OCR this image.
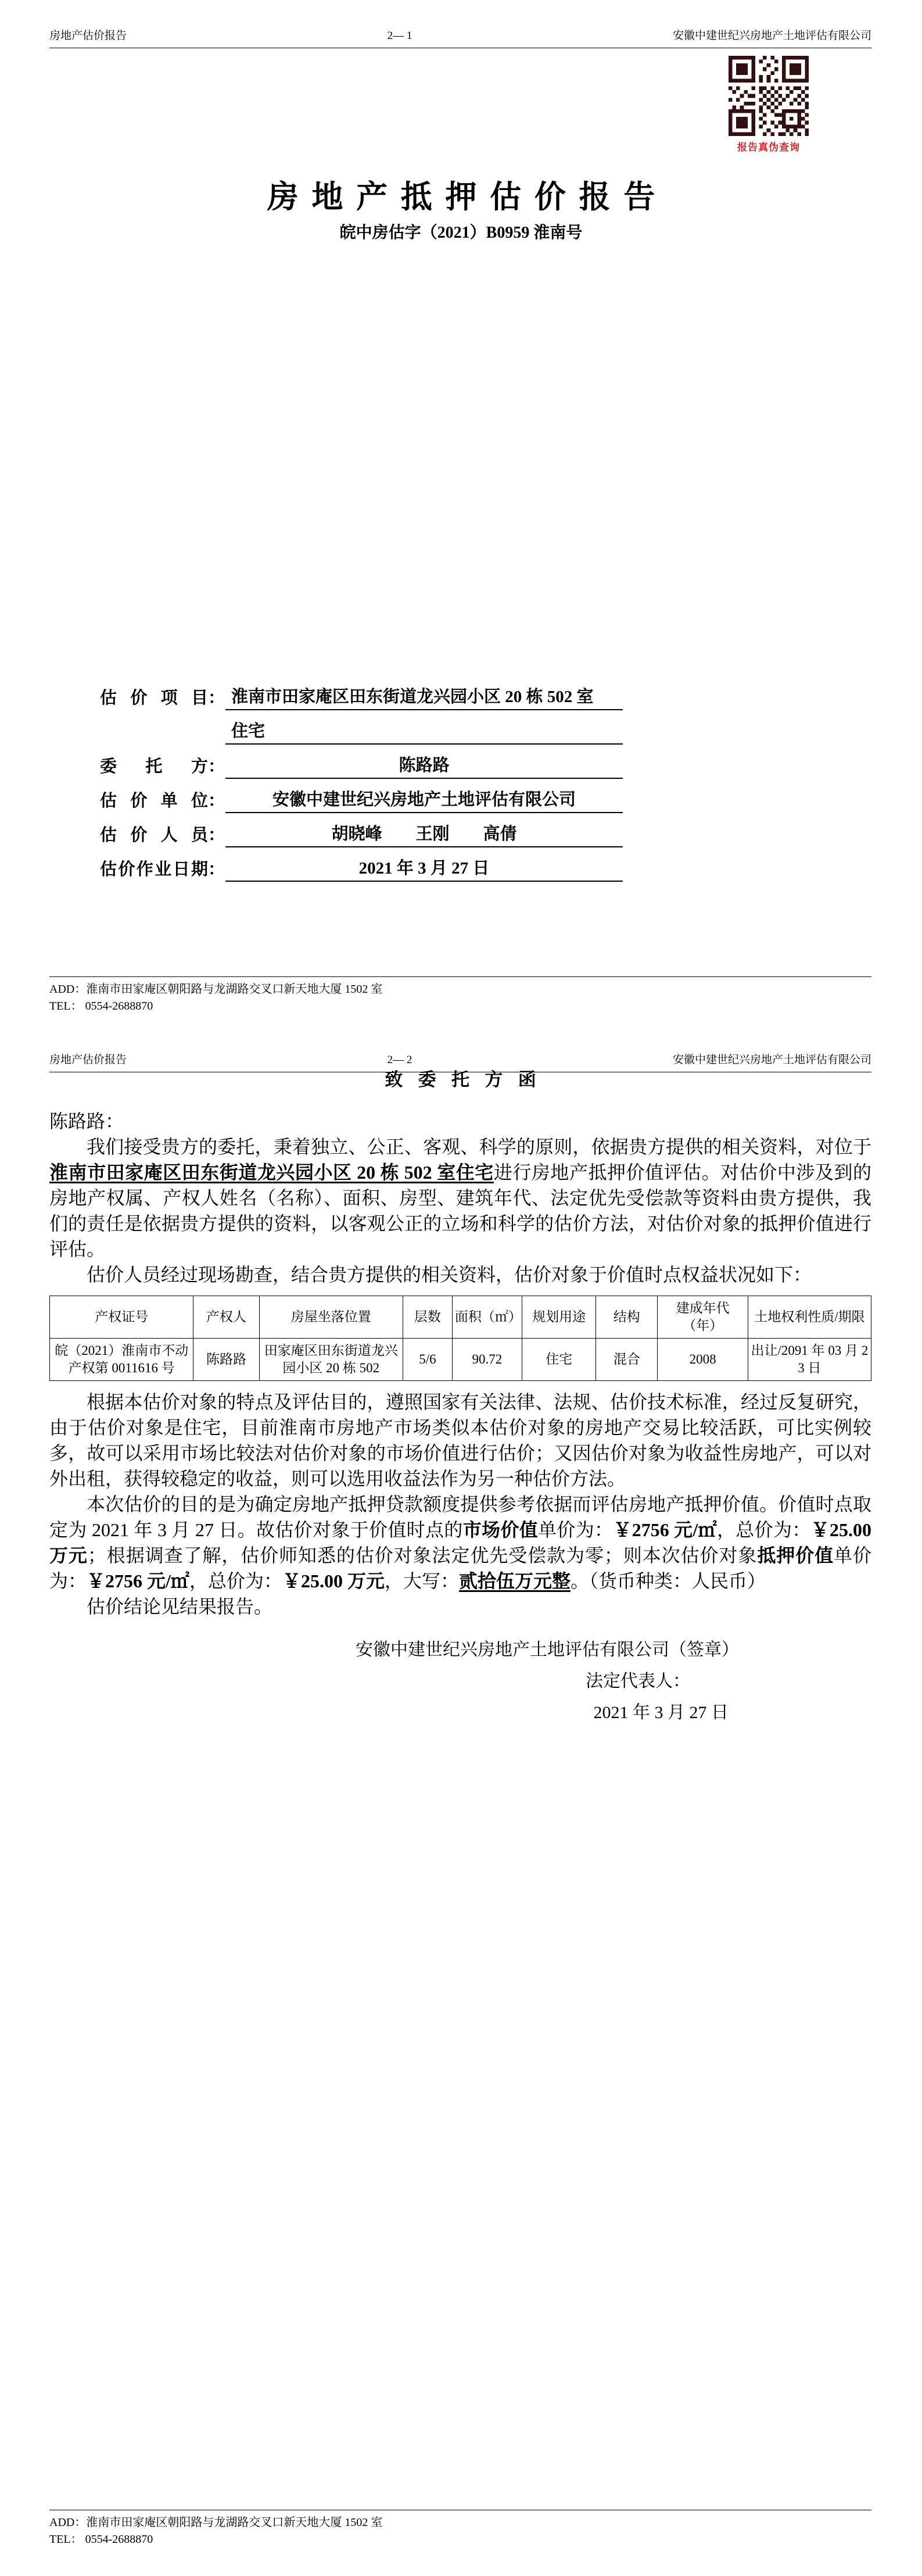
房地产估价报告	2— 1	安徽中建世纪兴房地产土地评估有限公司
报告真伪查询
房地产抵押估价报告
皖中房估字（2021）B0959 淮南号
估价项目 ： 淮南市田家庵区田东街道龙兴园小区 20 栋 502 室
住宅
委托方 ：	陈路路
估价单位 ：	安徽中建世纪兴房地产土地评估有限公司
估价人员 ：	胡晓峰　　王刚　　高倩
估价作业日期 ：	2021 年 3 月 27 日
ADD：淮南市田家庵区朝阳路与龙湖路交叉口新天地大厦 1502 室
TEL： 0554-2688870
房地产估价报告	2— 2	安徽中建世纪兴房地产土地评估有限公司
致委托方函

陈路路：

我们接受贵方的委托，秉着独立、公正、客观、科学的原则，依据贵方提供的相关资料，对位于淮南市田家庵区田东街道龙兴园小区 20 栋 502 室住宅进行房地产抵押价值评估。对估价中涉及到的房地产权属、产权人姓名（名称）、面积、房型、建筑年代、法定优先受偿款等资料由贵方提供，我们的责任是依据贵方提供的资料，以客观公正的立场和科学的估价方法，对估价对象的抵押价值进行评估。

估价人员经过现场勘查，结合贵方提供的相关资料，估价对象于价值时点权益状况如下：

产权证号	产权人	房屋坐落位置	层数	面积（㎡）	规划用途	结构	建成年代（年）	土地权利性质/期限
皖（2021）淮南市不动产权第 0011616 号	陈路路	田家庵区田东街道龙兴园小区 20 栋 502	5/6	90.72	住宅	混合	2008	出让/2091 年 03 月 23 日

根据本估价对象的特点及评估目的，遵照国家有关法律、法规、估价技术标准，经过反复研究，由于估价对象是住宅，目前淮南市房地产市场类似本估价对象的房地产交易比较活跃，可比实例较多，故可以采用市场比较法对估价对象的市场价值进行估价；又因估价对象为收益性房地产，可以对外出租，获得较稳定的收益，则可以选用收益法作为另一种估价方法。

本次估价的目的是为确定房地产抵押贷款额度提供参考依据而评估房地产抵押价值。价值时点取定为 2021 年 3 月 27 日。故估价对象于价值时点的市场价值单价为：￥2756 元/㎡，总价为：￥25.00 万元；根据调查了解，估价师知悉的估价对象法定优先受偿款为零；则本次估价对象抵押价值单价为：￥2756 元/㎡，总价为：￥25.00 万元，大写：贰拾伍万元整。（货币种类：人民币）

估价结论见结果报告。

安徽中建世纪兴房地产土地评估有限公司（签章）
法定代表人：
2021 年 3 月 27 日
ADD：淮南市田家庵区朝阳路与龙湖路交叉口新天地大厦 1502 室
TEL： 0554-2688870
